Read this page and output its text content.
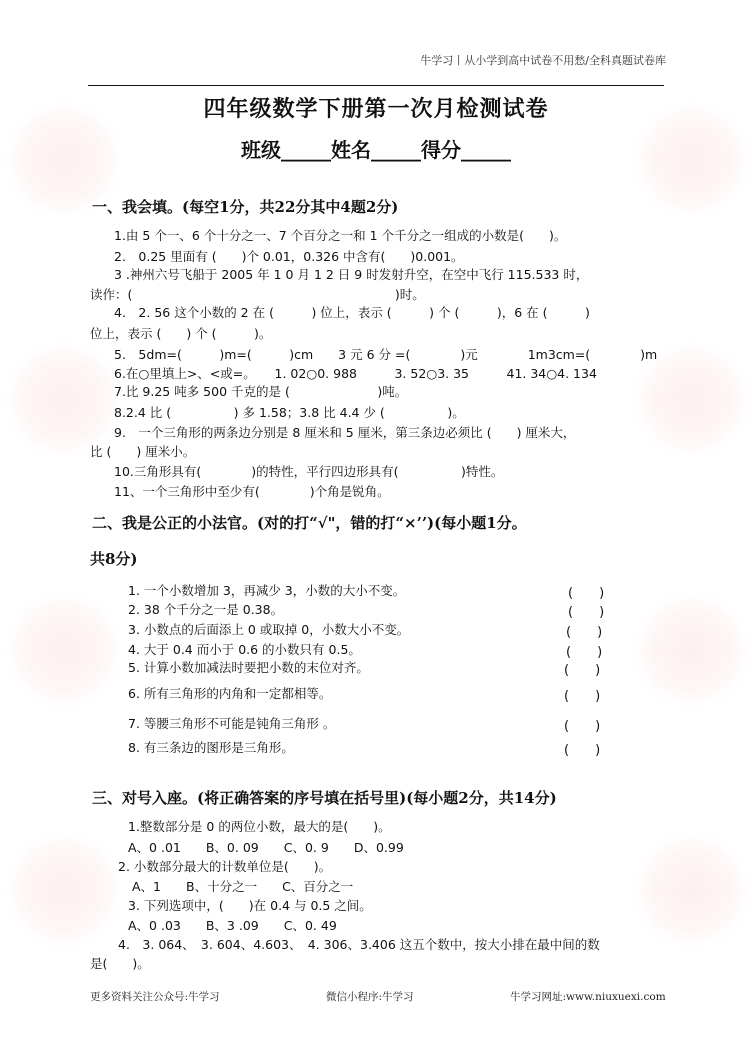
牛学习丨从小学到高中试卷不用愁/全科真题试卷库
四年级数学下册第一次月检测试卷
班级_____姓名_____得分_____
一、我会填。(每空1分，共22分其中4题2分)
1.由 5 个一、6 个十分之一、7 个百分之一和 1 个千分之一组成的小数是(　　)。
2.　0.25 里面有 (　　)个 0.01，0.326 中含有(　　)0.001。
3 .神州六号飞船于 2005 年 1 0 月 1 2 日 9 时发射升空，在空中飞行 115.533 时，
读作：(　　　　　　　　　　　　　　　　　　　　　)时。
4.　2. 56 这个小数的 2 在 (　　　) 位上，表示 (　　　) 个 (　　　)，6 在 (　　　)
位上，表示 (　　) 个 (　　　)。
5.　5dm=(　　　)m=(　　　)cm　　3 元 6 分 =(　　　　)元　　　　1m3cm=(　　　　)m
6.在○里填上>、<或=。　　1. 02○0. 988　　　3. 52○3. 35　　　41. 34○4. 134
7.比 9.25 吨多 500 千克的是 (　　　　　　　)吨。
8.2.4 比 (　　　　　) 多 1.58；3.8 比 4.4 少 (　　　　　)。
9.　一个三角形的两条边分别是 8 厘米和 5 厘米，第三条边必须比 (　　) 厘米大，
比 (　　) 厘米小。
10.三角形具有(　　　　)的特性，平行四边形具有(　　　　　)特性。
11、一个三角形中至少有(　　　　)个角是锐角。
二、我是公正的小法官。(对的打“√"，错的打“×’’)(每小题1分。
共8分)
1. 一个小数增加 3，再减少 3，小数的大小不变。	(　　)
2. 38 个千分之一是 0.38。	(　　)
3. 小数点的后面添上 0 或取掉 0，小数大小不变。	(　　)
4. 大于 0.4 而小于 0.6 的小数只有 0.5。	(　　)
5. 计算小数加减法时要把小数的末位对齐。	(　　)
6. 所有三角形的内角和一定都相等。	(　　)
7. 等腰三角形不可能是钝角三角形 。	(　　)
8. 有三条边的图形是三角形。	(　　)
三、对号入座。(将正确答案的序号填在括号里)(每小题2分，共14分)
1.整数部分是 0 的两位小数，最大的是(　　)。
A、0 .01　　B、0. 09　　C、0. 9　　D、0.99
2. 小数部分最大的计数单位是(　　)。
A、1　　B、十分之一　　C、百分之一
3. 下列选项中，(　　)在 0.4 与 0.5 之间。
A、0 .03　　B、3 .09　　C、0. 49
4.　3. 064、　3. 604、4.603、　4. 306、3.406 这五个数中，按大小排在最中间的数
是(　　)。
更多资料关注公众号:牛学习	微信小程序:牛学习	牛学习网址:www.niuxuexi.com
